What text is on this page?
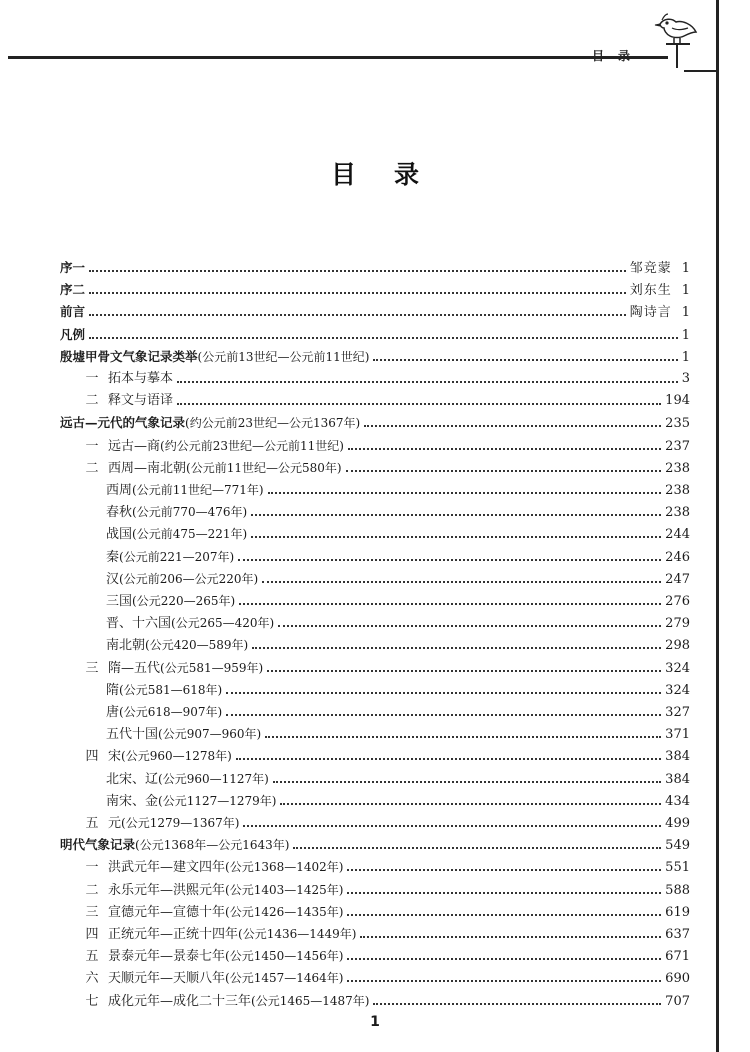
目录
目录
序一	邹竞蒙 1
序二	刘东生 1
前言	陶诗言 1
凡例	1
殷墟甲骨文气象记录类举(公元前13世纪—公元前11世纪)	1
一 拓本与摹本	3
二 释文与语译	194
远古—元代的气象记录(约公元前23世纪—公元1367年)	235
一 远古—商(约公元前23世纪—公元前11世纪)	237
二 西周—南北朝(公元前11世纪—公元580年)	238
西周(公元前11世纪—771年)	238
春秋(公元前770—476年)	238
战国(公元前475—221年)	244
秦(公元前221—207年)	246
汉(公元前206—公元220年)	247
三国(公元220—265年)	276
晋、十六国(公元265—420年)	279
南北朝(公元420—589年)	298
三 隋—五代(公元581—959年)	324
隋(公元581—618年)	324
唐(公元618—907年)	327
五代十国(公元907—960年)	371
四 宋(公元960—1278年)	384
北宋、辽(公元960—1127年)	384
南宋、金(公元1127—1279年)	434
五 元(公元1279—1367年)	499
明代气象记录(公元1368年—公元1643年)	549
一 洪武元年—建文四年(公元1368—1402年)	551
二 永乐元年—洪熙元年(公元1403—1425年)	588
三 宣德元年—宣德十年(公元1426—1435年)	619
四 正统元年—正统十四年(公元1436—1449年)	637
五 景泰元年—景泰七年(公元1450—1456年)	671
六 天顺元年—天顺八年(公元1457—1464年)	690
七 成化元年—成化二十三年(公元1465—1487年)	707
1
